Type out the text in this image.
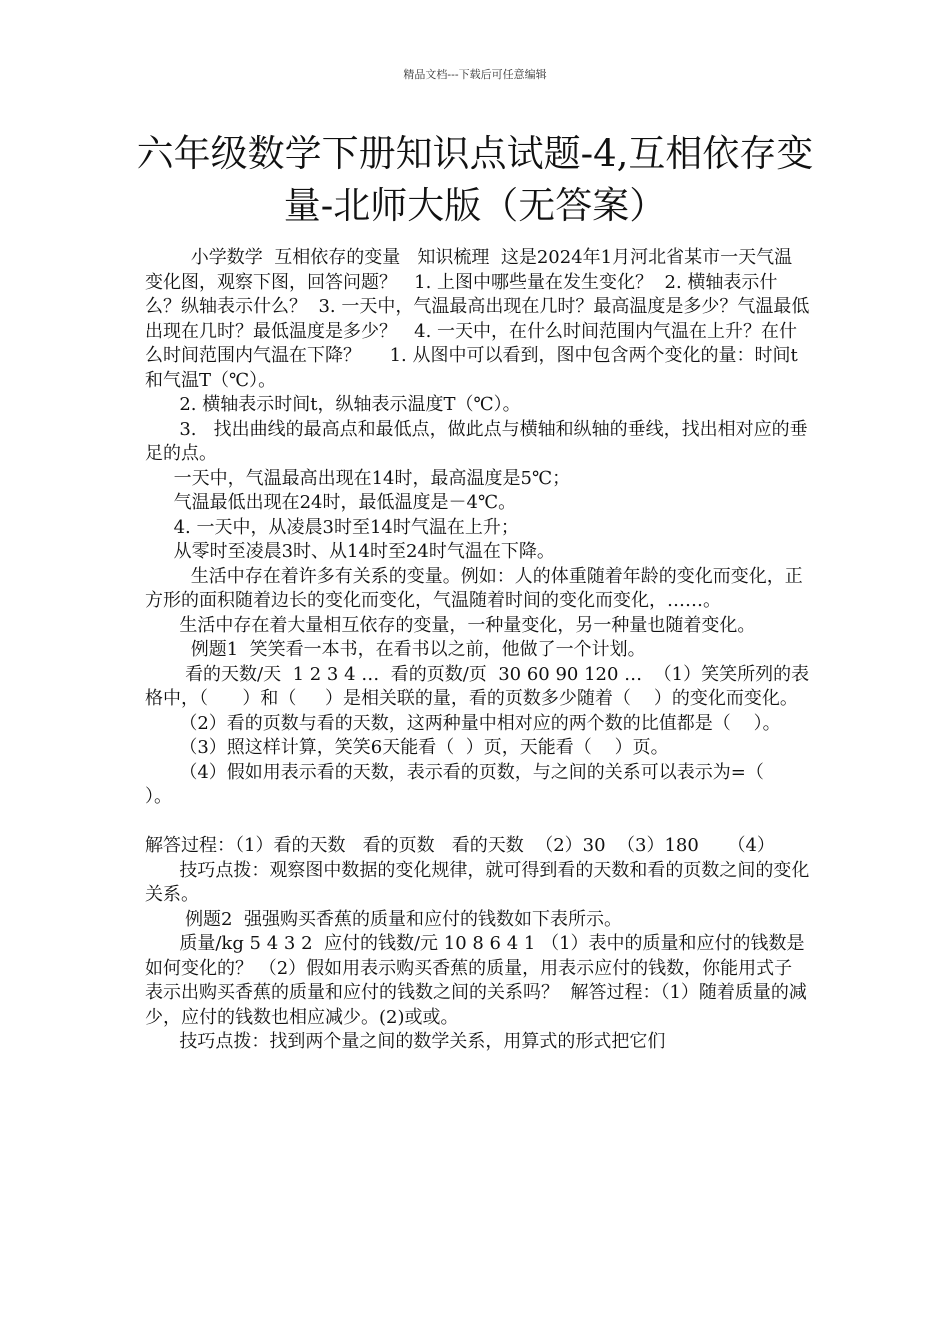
精品文档---下载后可任意编辑
六年级数学下册知识点试题-4,互相依存变
量-北师大版（无答案）

小学数学  互相依存的变量   知识梳理  这是2024年1月河北省某市一天气温变化图，观察下图，回答问题？   1. 上图中哪些量在发生变化？  2. 横轴表示什么？纵轴表示什么？  3. 一天中，气温最高出现在几时？最高温度是多少？气温最低出现在几时？最低温度是多少？   4. 一天中，在什么时间范围内气温在上升？在什么时间范围内气温在下降？     1. 从图中可以看到，图中包含两个变化的量：时间t和气温T（℃）。

2. 横轴表示时间t，纵轴表示温度T（℃）。

3.   找出曲线的最高点和最低点，做此点与横轴和纵轴的垂线，找出相对应的垂足的点。

一天中，气温最高出现在14时，最高温度是5℃；

气温最低出现在24时，最低温度是－4℃。

4. 一天中，从凌晨3时至14时气温在上升；

从零时至凌晨3时、从14时至24时气温在下降。

生活中存在着许多有关系的变量。例如：人的体重随着年龄的变化而变化，正方形的面积随着边长的变化而变化，气温随着时间的变化而变化，……。

生活中存在着大量相互依存的变量，一种量变化，另一种量也随着变化。

例题1  笑笑看一本书，在看书以之前，他做了一个计划。

看的天数/天  1 2 3 4 …  看的页数/页  30 60 90 120 …  （1）笑笑所列的表格中，（      ）和（     ）是相关联的量，看的页数多少随着（    ）的变化而变化。

（2）看的页数与看的天数，这两种量中相对应的两个数的比值都是（    ）。

（3）照这样计算，笑笑6天能看（  ）页，天能看（    ）页。

（4）假如用表示看的天数，表示看的页数，与之间的关系可以表示为=（    ）。

解答过程：（1）看的天数   看的页数   看的天数  （2）30  （3）180     （4）

技巧点拨：观察图中数据的变化规律，就可得到看的天数和看的页数之间的变化关系。

例题2  强强购买香蕉的质量和应付的钱数如下表所示。

质量/kg 5 4 3 2  应付的钱数/元 10 8 6 4 1 （1）表中的质量和应付的钱数是如何变化的？ （2）假如用表示购买香蕉的质量，用表示应付的钱数，你能用式子表示出购买香蕉的质量和应付的钱数之间的关系吗？  解答过程：（1）随着质量的减少，应付的钱数也相应减少。(2)或或。

技巧点拨：找到两个量之间的数学关系，用算式的形式把它们
